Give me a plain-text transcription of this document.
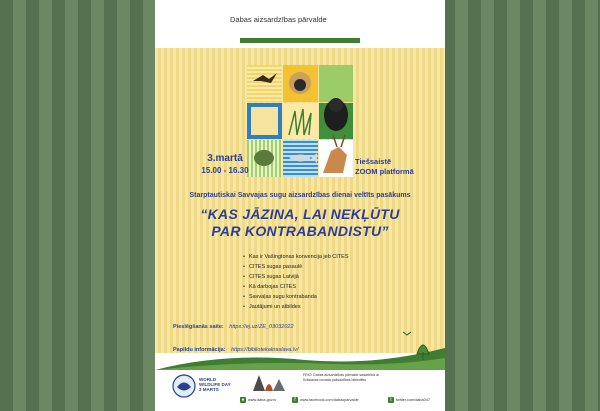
Dabas aizsardzības pārvalde
3.martā
15.00 - 16.30
Tiešsaistē
ZOOM platformā
Starptautiskai Savvajas sugu aizsardzības dienai veltīts pasākums
“KAS JĀZINA, LAI NEKĻŪTU
PAR KONTRABANDISTU”
• Kas ir Vašingtonas konvencija jeb CITES
• CITES sugas pasaulē
• CITES sugas Latvijā
• Kā darbojas CITES
• Savvaļas sugu kontrabanda
• Jautājumi un atbildes
Pieslēgšanās saite: https://ej.uz/ZE_03032022
Papildu informācija: https://bibliotekakraslava.lv/
WORLD
WILDLIFE DAY
3 MARTS
FRIO: Dabas aizsardzības pārvalde sadarbībā ar Krāslavas novada pašvaldības bibliotēku
● www.daba.gov.lv	f	www.facebook.com/dabasparvalde	t	twitter.com/daba047
